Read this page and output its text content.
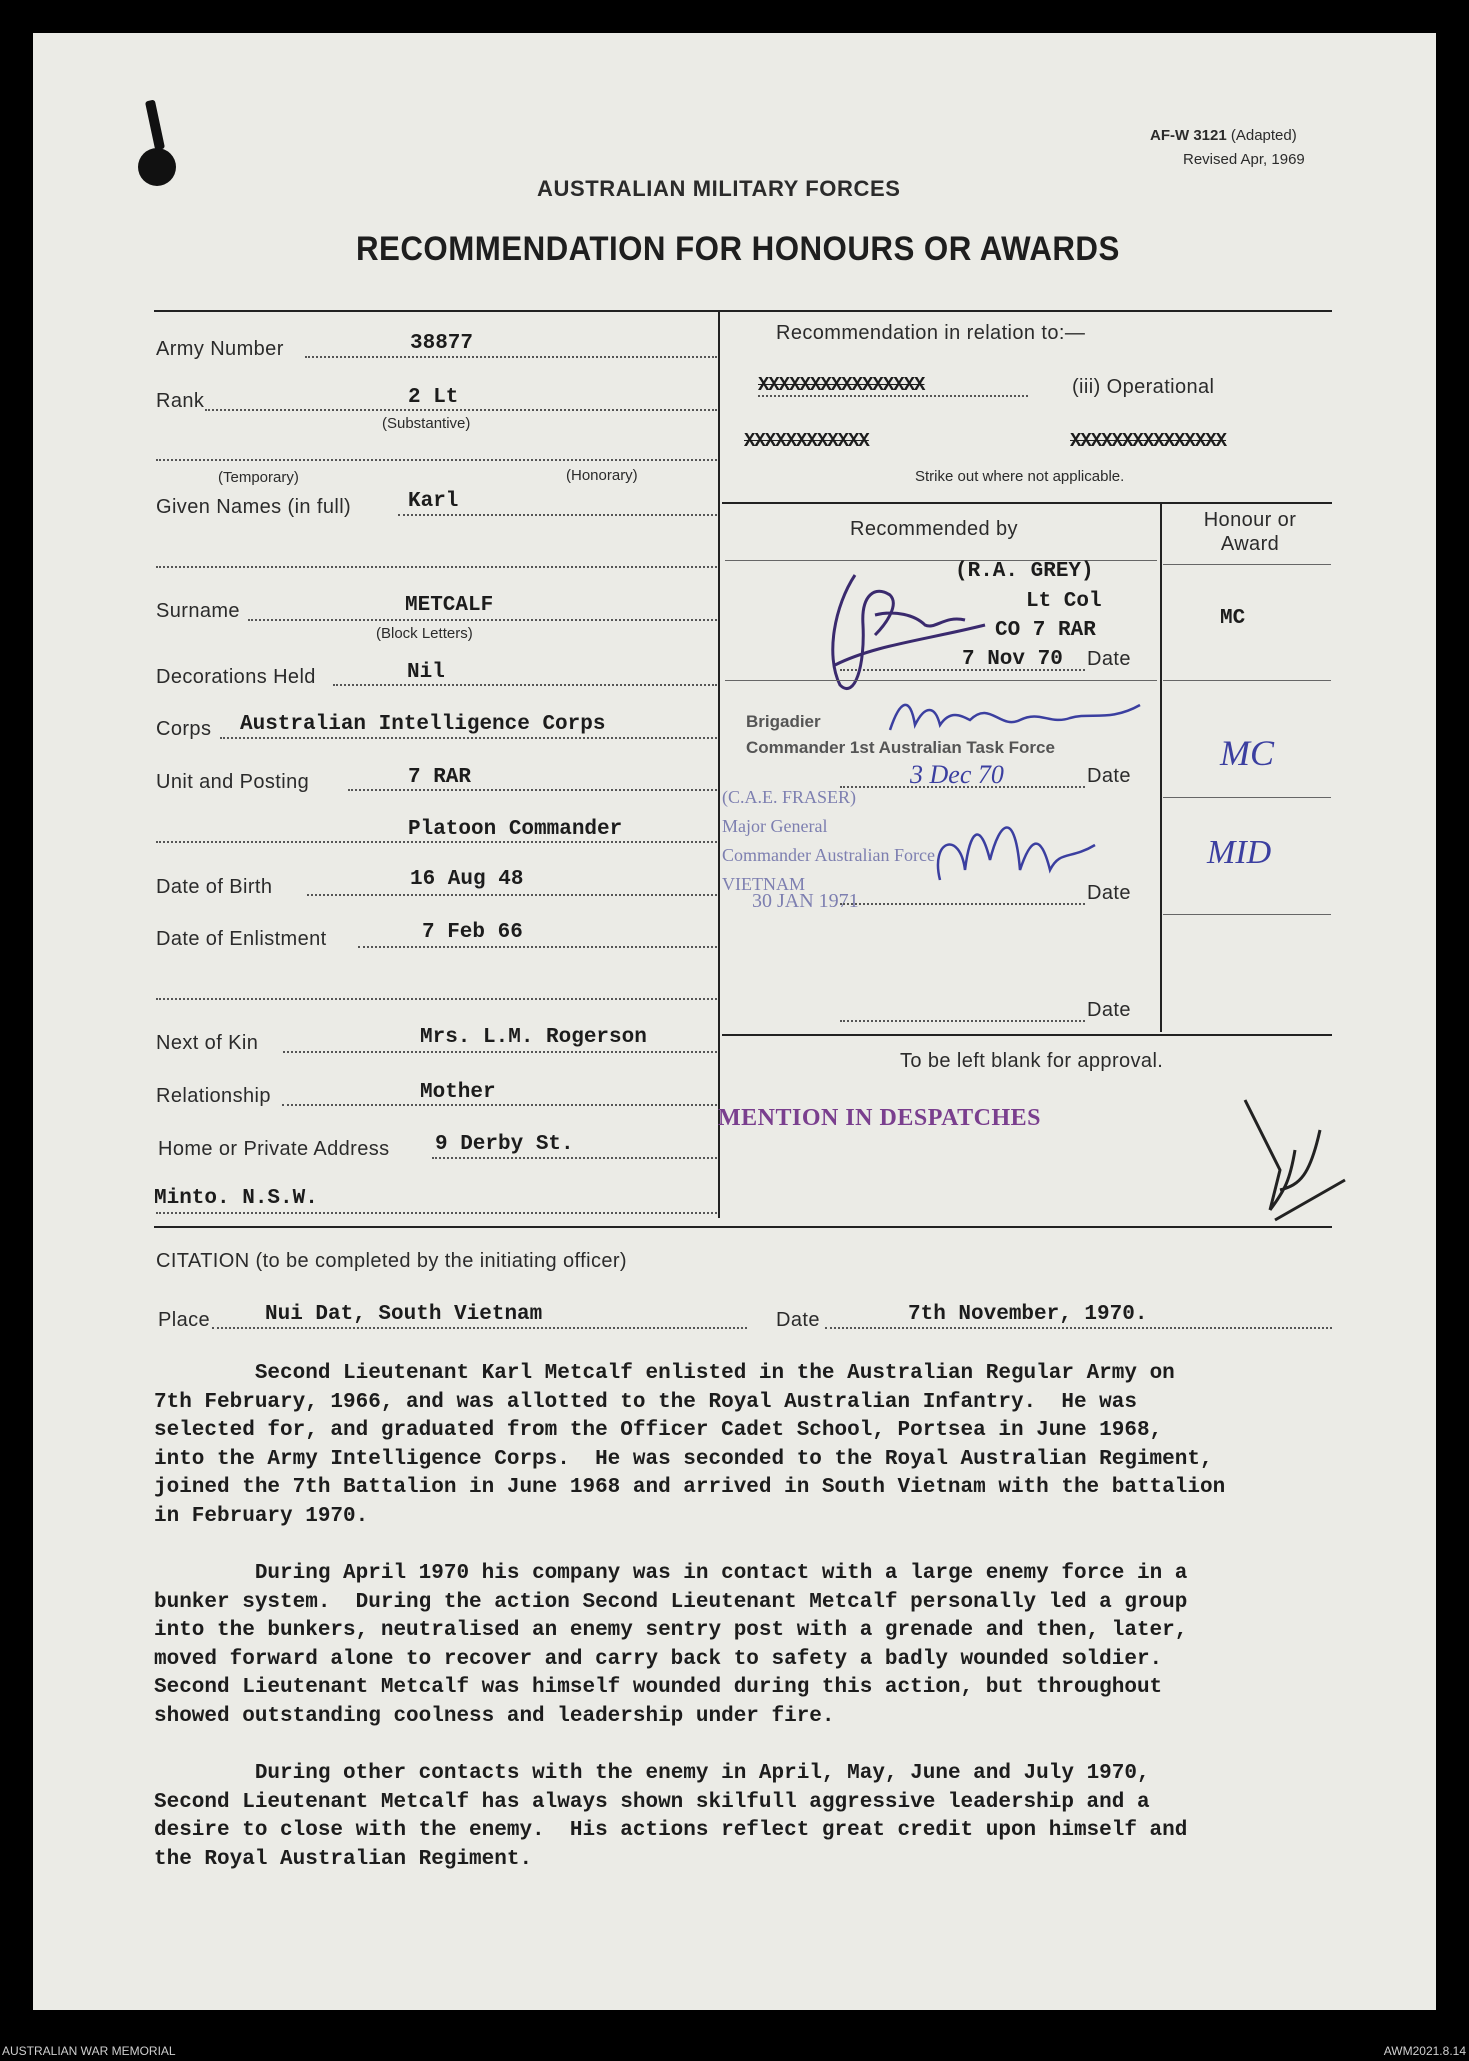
AF-W 3121 (Adapted)
Revised Apr, 1969
AUSTRALIAN MILITARY FORCES
RECOMMENDATION FOR HONOURS OR AWARDS
Army Number	38877
Rank	2 Lt
(Substantive)
(Temporary)	(Honorary)
Given Names (in full)	Karl
Surname	METCALF
(Block Letters)
Decorations Held	Nil
Corps Australian Intelligence Corps
Unit and Posting	7 RAR
Platoon Commander
Date of Birth	16 Aug 48
Date of Enlistment	7 Feb 66
Next of Kin	Mrs. L.M. Rogerson
Relationship	Mother
Home or Private Address 9 Derby St.
Minto. N.S.W.
Recommendation in relation to:—
XXXXXXXXXXXXXXXX	(iii) Operational
XXXXXXXXXXXX	XXXXXXXXXXXXXXX
Strike out where not applicable.
Recommended by	Honour or Award
(R.A. GREY)
Lt Col
CO 7 RAR
7 Nov 70 Date
MC
Brigadier
Commander 1st Australian Task Force
3 Dec 70	Date
MC
(C.A.E. FRASER)
Major General
Commander Australian Force
VIETNAM
30 JAN 1971	Date
MID
Date
To be left blank for approval.
MENTION IN DESPATCHES
CITATION (to be completed by the initiating officer)
Place	Nui Dat, South Vietnam	Date	7th November, 1970.
Second Lieutenant Karl Metcalf enlisted in the Australian Regular Army on
7th February, 1966, and was allotted to the Royal Australian Infantry.  He was
selected for, and graduated from the Officer Cadet School, Portsea in June 1968,
into the Army Intelligence Corps.  He was seconded to the Royal Australian Regiment,
joined the 7th Battalion in June 1968 and arrived in South Vietnam with the battalion
in February 1970.
During April 1970 his company was in contact with a large enemy force in a
bunker system.  During the action Second Lieutenant Metcalf personally led a group
into the bunkers, neutralised an enemy sentry post with a grenade and then, later,
moved forward alone to recover and carry back to safety a badly wounded soldier.
Second Lieutenant Metcalf was himself wounded during this action, but throughout
showed outstanding coolness and leadership under fire.
During other contacts with the enemy in April, May, June and July 1970,
Second Lieutenant Metcalf has always shown skilfull aggressive leadership and a
desire to close with the enemy.  His actions reflect great credit upon himself and
the Royal Australian Regiment.
AUSTRALIAN WAR MEMORIAL	AWM2021.8.14
